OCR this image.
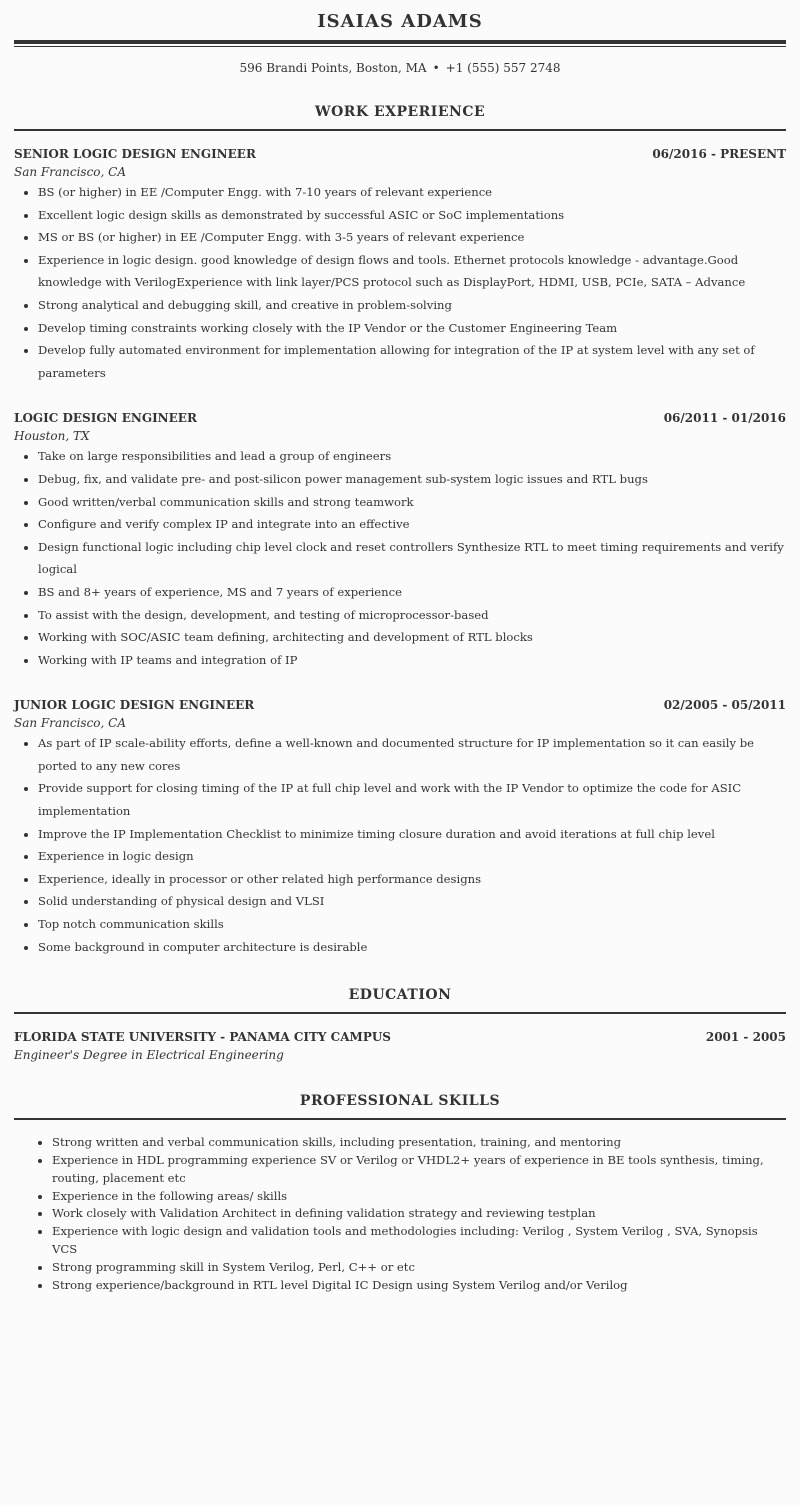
ISAIAS ADAMS
596 Brandi Points, Boston, MA • +1 (555) 557 2748
WORK EXPERIENCE
SENIOR LOGIC DESIGN ENGINEER	06/2016 - PRESENT
San Francisco, CA
• BS (or higher) in EE /Computer Engg. with 7-10 years of relevant experience
• Excellent logic design skills as demonstrated by successful ASIC or SoC implementations
• MS or BS (or higher) in EE /Computer Engg. with 3-5 years of relevant experience
• Experience in logic design. good knowledge of design flows and tools. Ethernet protocols knowledge - advantage.Good knowledge with VerilogExperience with link layer/PCS protocol such as DisplayPort, HDMI, USB, PCIe, SATA – Advance
• Strong analytical and debugging skill, and creative in problem-solving
• Develop timing constraints working closely with the IP Vendor or the Customer Engineering Team
• Develop fully automated environment for implementation allowing for integration of the IP at system level with any set of parameters
LOGIC DESIGN ENGINEER	06/2011 - 01/2016
Houston, TX
• Take on large responsibilities and lead a group of engineers
• Debug, fix, and validate pre- and post-silicon power management sub-system logic issues and RTL bugs
• Good written/verbal communication skills and strong teamwork
• Configure and verify complex IP and integrate into an effective
• Design functional logic including chip level clock and reset controllers Synthesize RTL to meet timing requirements and verify logical
• BS and 8+ years of experience, MS and 7 years of experience
• To assist with the design, development, and testing of microprocessor-based
• Working with SOC/ASIC team defining, architecting and development of RTL blocks
• Working with IP teams and integration of IP
JUNIOR LOGIC DESIGN ENGINEER	02/2005 - 05/2011
San Francisco, CA
• As part of IP scale-ability efforts, define a well-known and documented structure for IP implementation so it can easily be ported to any new cores
• Provide support for closing timing of the IP at full chip level and work with the IP Vendor to optimize the code for ASIC implementation
• Improve the IP Implementation Checklist to minimize timing closure duration and avoid iterations at full chip level
• Experience in logic design
• Experience, ideally in processor or other related high performance designs
• Solid understanding of physical design and VLSI
• Top notch communication skills
• Some background in computer architecture is desirable
EDUCATION
FLORIDA STATE UNIVERSITY - PANAMA CITY CAMPUS	2001 - 2005
Engineer's Degree in Electrical Engineering
PROFESSIONAL SKILLS
• Strong written and verbal communication skills, including presentation, training, and mentoring
• Experience in HDL programming experience SV or Verilog or VHDL2+ years of experience in BE tools synthesis, timing, routing, placement etc
• Experience in the following areas/ skills
• Work closely with Validation Architect in defining validation strategy and reviewing testplan
• Experience with logic design and validation tools and methodologies including: Verilog , System Verilog , SVA, Synopsis VCS
• Strong programming skill in System Verilog, Perl, C++ or etc
• Strong experience/background in RTL level Digital IC Design using System Verilog and/or Verilog
